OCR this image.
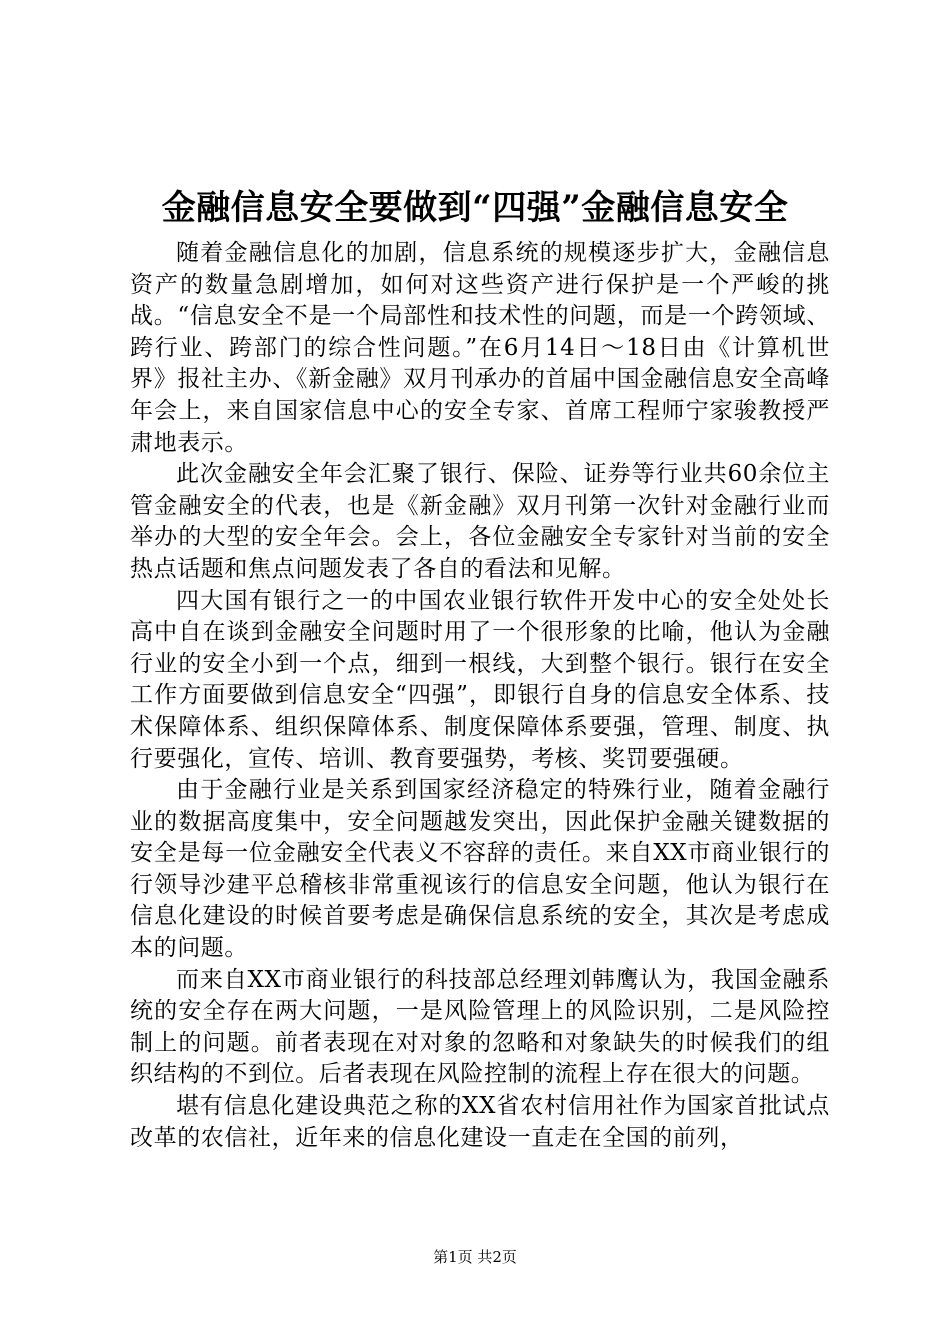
金融信息安全要做到“四强”金融信息安全

随着金融信息化的加剧，信息系统的规模逐步扩大，金融信息资产的数量急剧增加，如何对这些资产进行保护是一个严峻的挑战。“信息安全不是一个局部性和技术性的问题，而是一个跨领域、跨行业、跨部门的综合性问题。”在6月14日～18日由《计算机世界》报社主办、《新金融》双月刊承办的首届中国金融信息安全高峰年会上，来自国家信息中心的安全专家、首席工程师宁家骏教授严肃地表示。

此次金融安全年会汇聚了银行、保险、证券等行业共60余位主管金融安全的代表，也是《新金融》双月刊第一次针对金融行业而举办的大型的安全年会。会上，各位金融安全专家针对当前的安全热点话题和焦点问题发表了各自的看法和见解。

四大国有银行之一的中国农业银行软件开发中心的安全处处长高中自在谈到金融安全问题时用了一个很形象的比喻，他认为金融行业的安全小到一个点，细到一根线，大到整个银行。银行在安全工作方面要做到信息安全“四强”，即银行自身的信息安全体系、技术保障体系、组织保障体系、制度保障体系要强，管理、制度、执行要强化，宣传、培训、教育要强势，考核、奖罚要强硬。

由于金融行业是关系到国家经济稳定的特殊行业，随着金融行业的数据高度集中，安全问题越发突出，因此保护金融关键数据的安全是每一位金融安全代表义不容辞的责任。来自XX市商业银行的行领导沙建平总稽核非常重视该行的信息安全问题，他认为银行在信息化建设的时候首要考虑是确保信息系统的安全，其次是考虑成本的问题。

而来自XX市商业银行的科技部总经理刘韩鹰认为，我国金融系统的安全存在两大问题，一是风险管理上的风险识别，二是风险控制上的问题。前者表现在对对象的忽略和对象缺失的时候我们的组织结构的不到位。后者表现在风险控制的流程上存在很大的问题。

堪有信息化建设典范之称的XX省农村信用社作为国家首批试点改革的农信社，近年来的信息化建设一直走在全国的前列，

第1页 共2页
